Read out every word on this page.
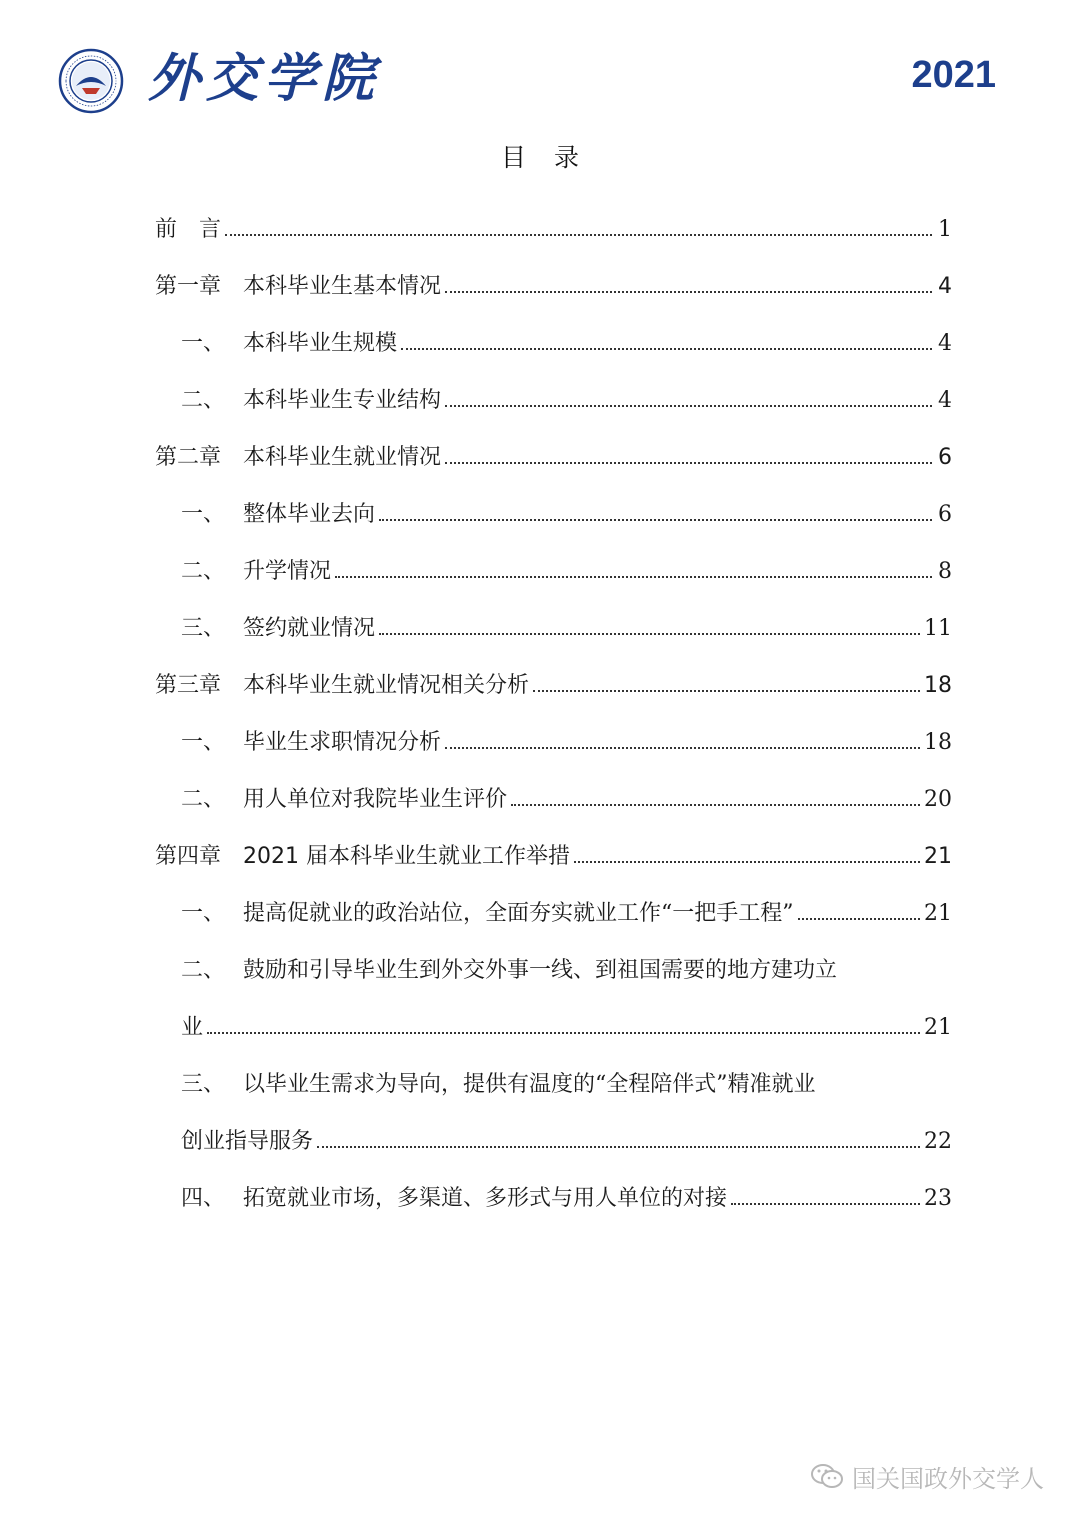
外交学院	2021
目录
前　言	1
第一章 本科毕业生基本情况	4
一、 本科毕业生规模	4
二、 本科毕业生专业结构	4
第二章 本科毕业生就业情况	6
一、 整体毕业去向	6
二、 升学情况	8
三、 签约就业情况	11
第三章 本科毕业生就业情况相关分析	18
一、 毕业生求职情况分析	18
二、 用人单位对我院毕业生评价	20
第四章 2021 届本科毕业生就业工作举措	21
一、 提高促就业的政治站位，全面夯实就业工作“一把手工程”	21
二、 鼓励和引导毕业生到外交外事一线、到祖国需要的地方建功立
业	21
三、 以毕业生需求为导向，提供有温度的“全程陪伴式”精准就业
创业指导服务	22
四、 拓宽就业市场，多渠道、多形式与用人单位的对接	23
国关国政外交学人
